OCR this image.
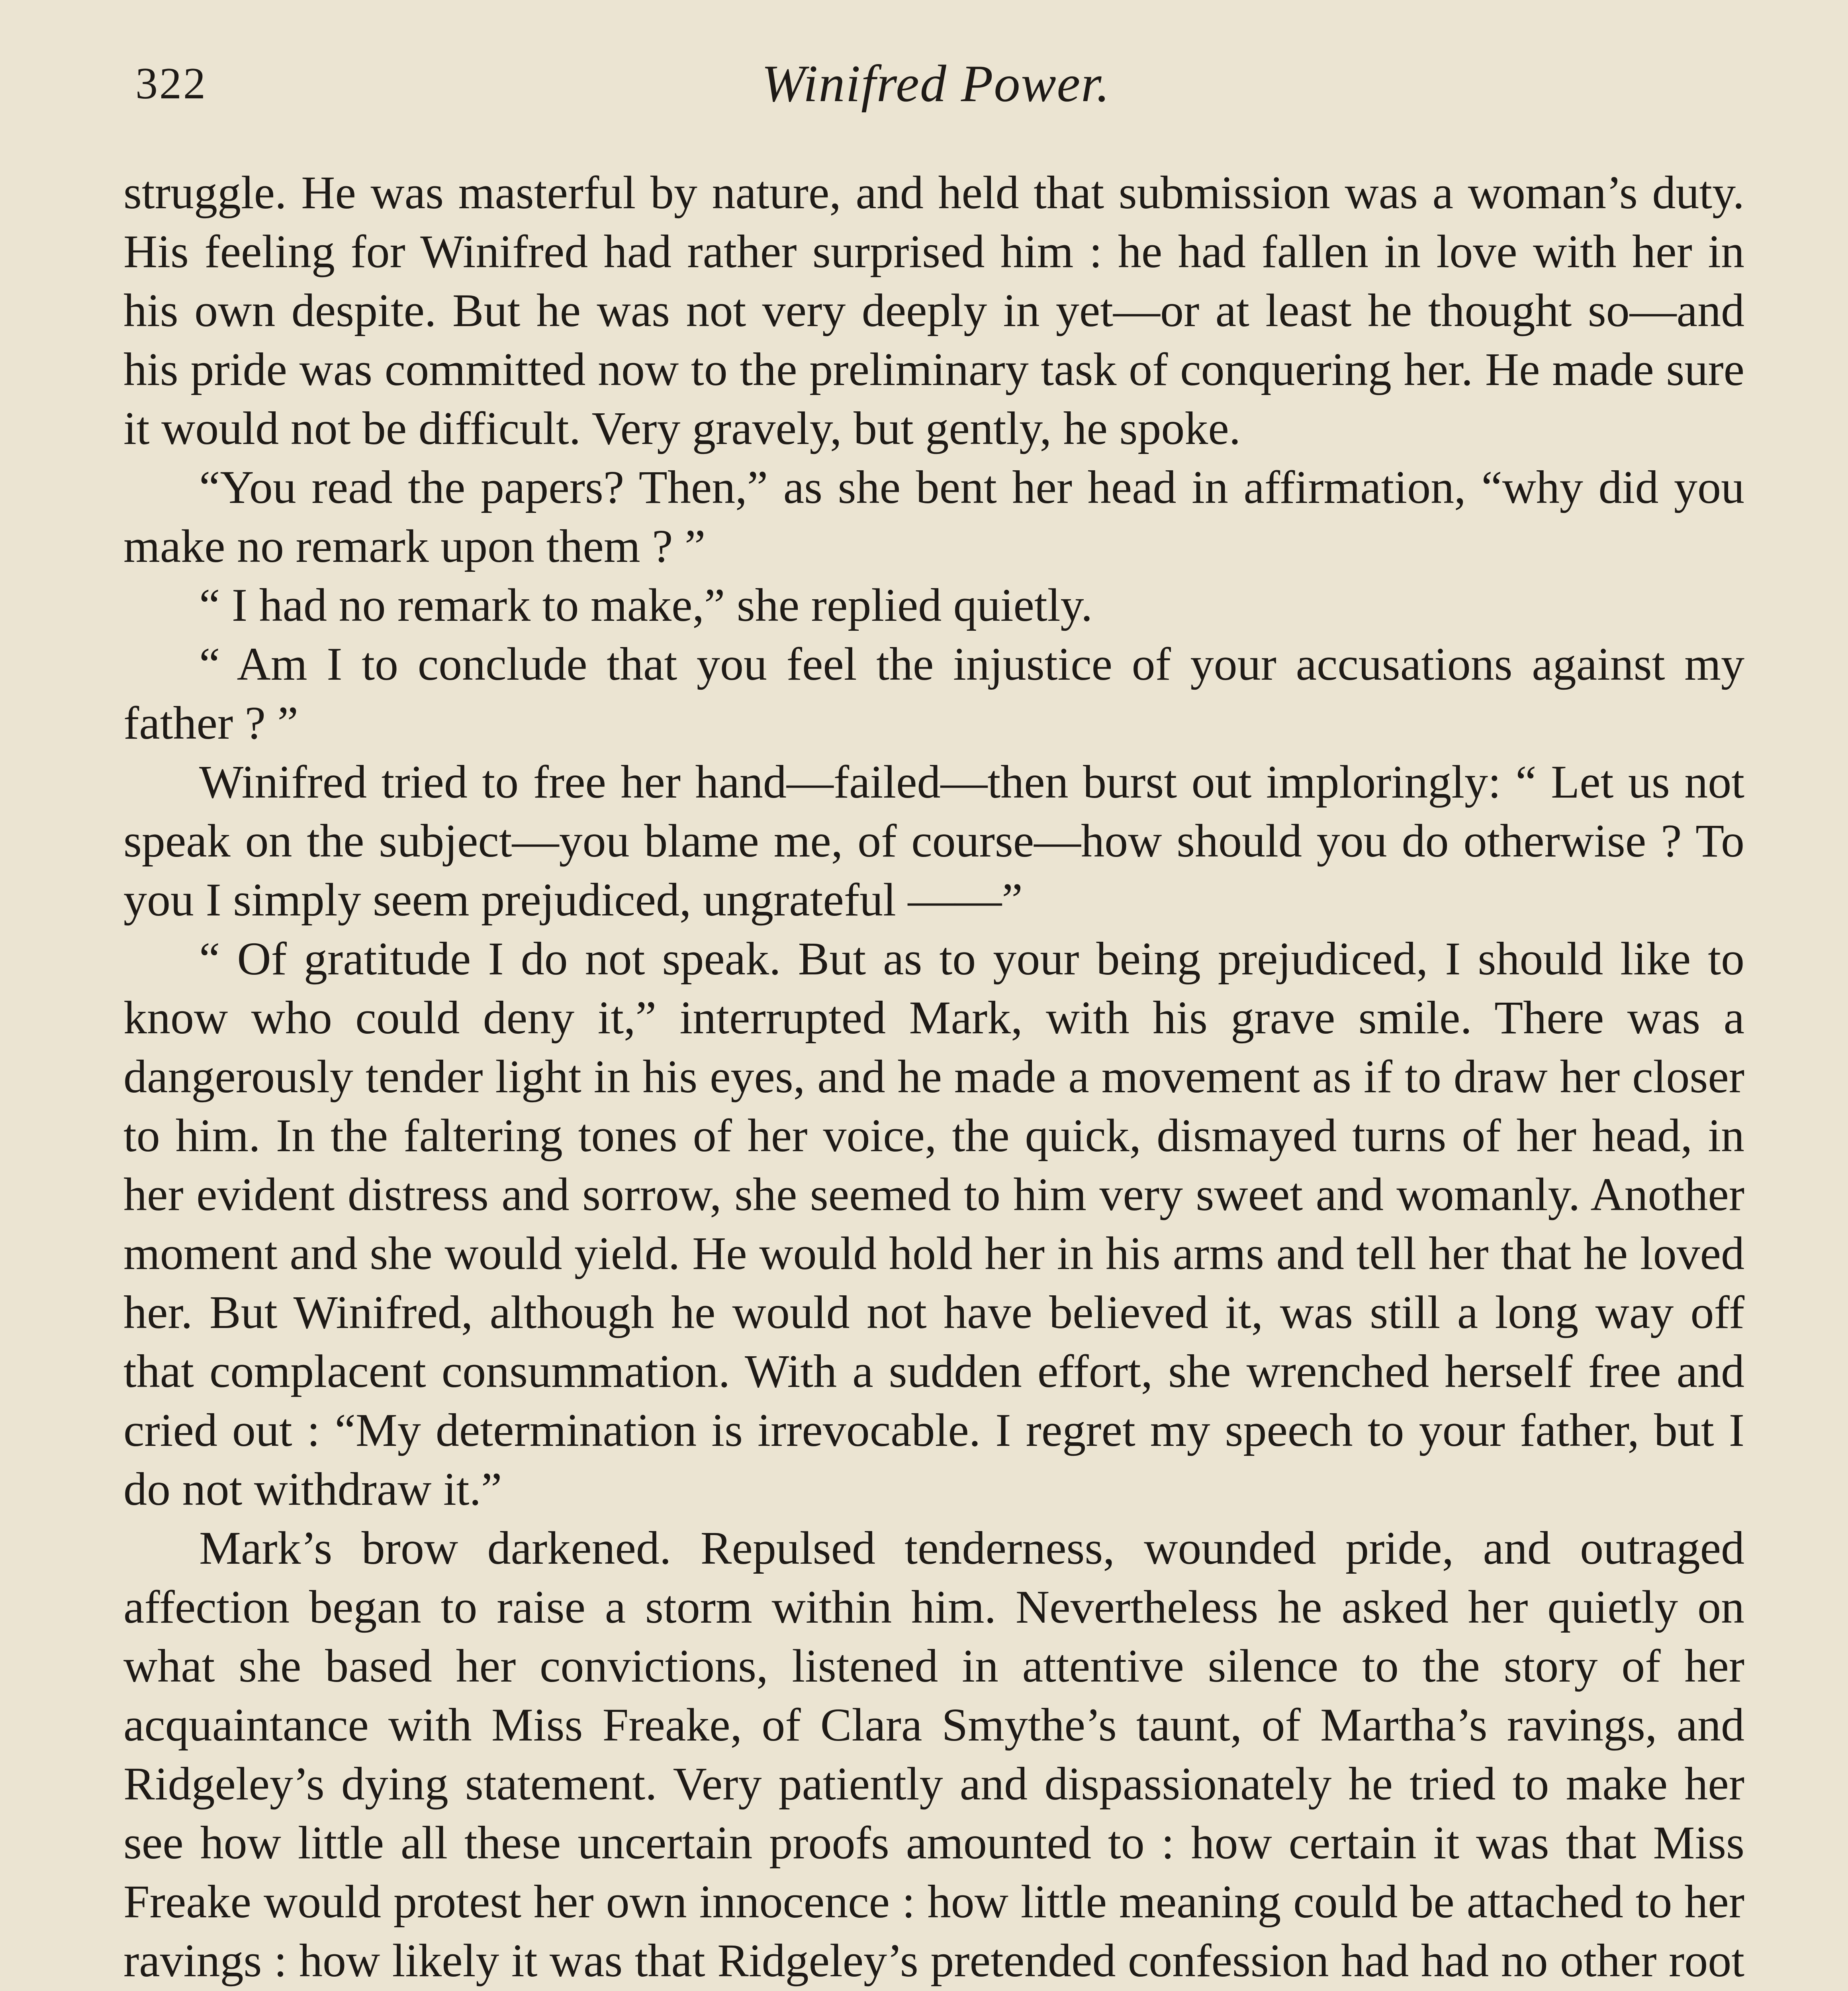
322	Winifred Power.

struggle. He was masterful by nature, and held that submission was a woman’s duty. His feeling for Winifred had rather surprised him : he had fallen in love with her in his own despite. But he was not very deeply in yet—or at least he thought so—and his pride was committed now to the preliminary task of conquering her. He made sure it would not be difficult. Very gravely, but gently, he spoke.

“You read the papers? Then,” as she bent her head in affirmation, “why did you make no remark upon them ? ”

“ I had no remark to make,” she replied quietly.

“ Am I to conclude that you feel the injustice of your accusations against my father ? ”

Winifred tried to free her hand—failed—then burst out imploringly: “ Let us not speak on the subject—you blame me, of course—how should you do otherwise ? To you I simply seem prejudiced, ungrateful ——”

“ Of gratitude I do not speak. But as to your being prejudiced, I should like to know who could deny it,” interrupted Mark, with his grave smile. There was a dangerously tender light in his eyes, and he made a movement as if to draw her closer to him. In the faltering tones of her voice, the quick, dismayed turns of her head, in her evident distress and sorrow, she seemed to him very sweet and womanly. Another moment and she would yield. He would hold her in his arms and tell her that he loved her. But Winifred, although he would not have believed it, was still a long way off that complacent consummation. With a sudden effort, she wrenched herself free and cried out : “My determination is irrevocable. I regret my speech to your father, but I do not withdraw it.”

Mark’s brow darkened. Repulsed tenderness, wounded pride, and outraged affection began to raise a storm within him. Nevertheless he asked her quietly on what she based her convictions, listened in attentive silence to the story of her acquaintance with Miss Freake, of Clara Smythe’s taunt, of Martha’s ravings, and Ridgeley’s dying statement. Very patiently and dispassionately he tried to make her see how little all these uncertain proofs amounted to : how certain it was that Miss Freake would protest her own innocence : how little meaning could be attached to her ravings : how likely it was that Ridgeley’s pretended confession had had no other root
